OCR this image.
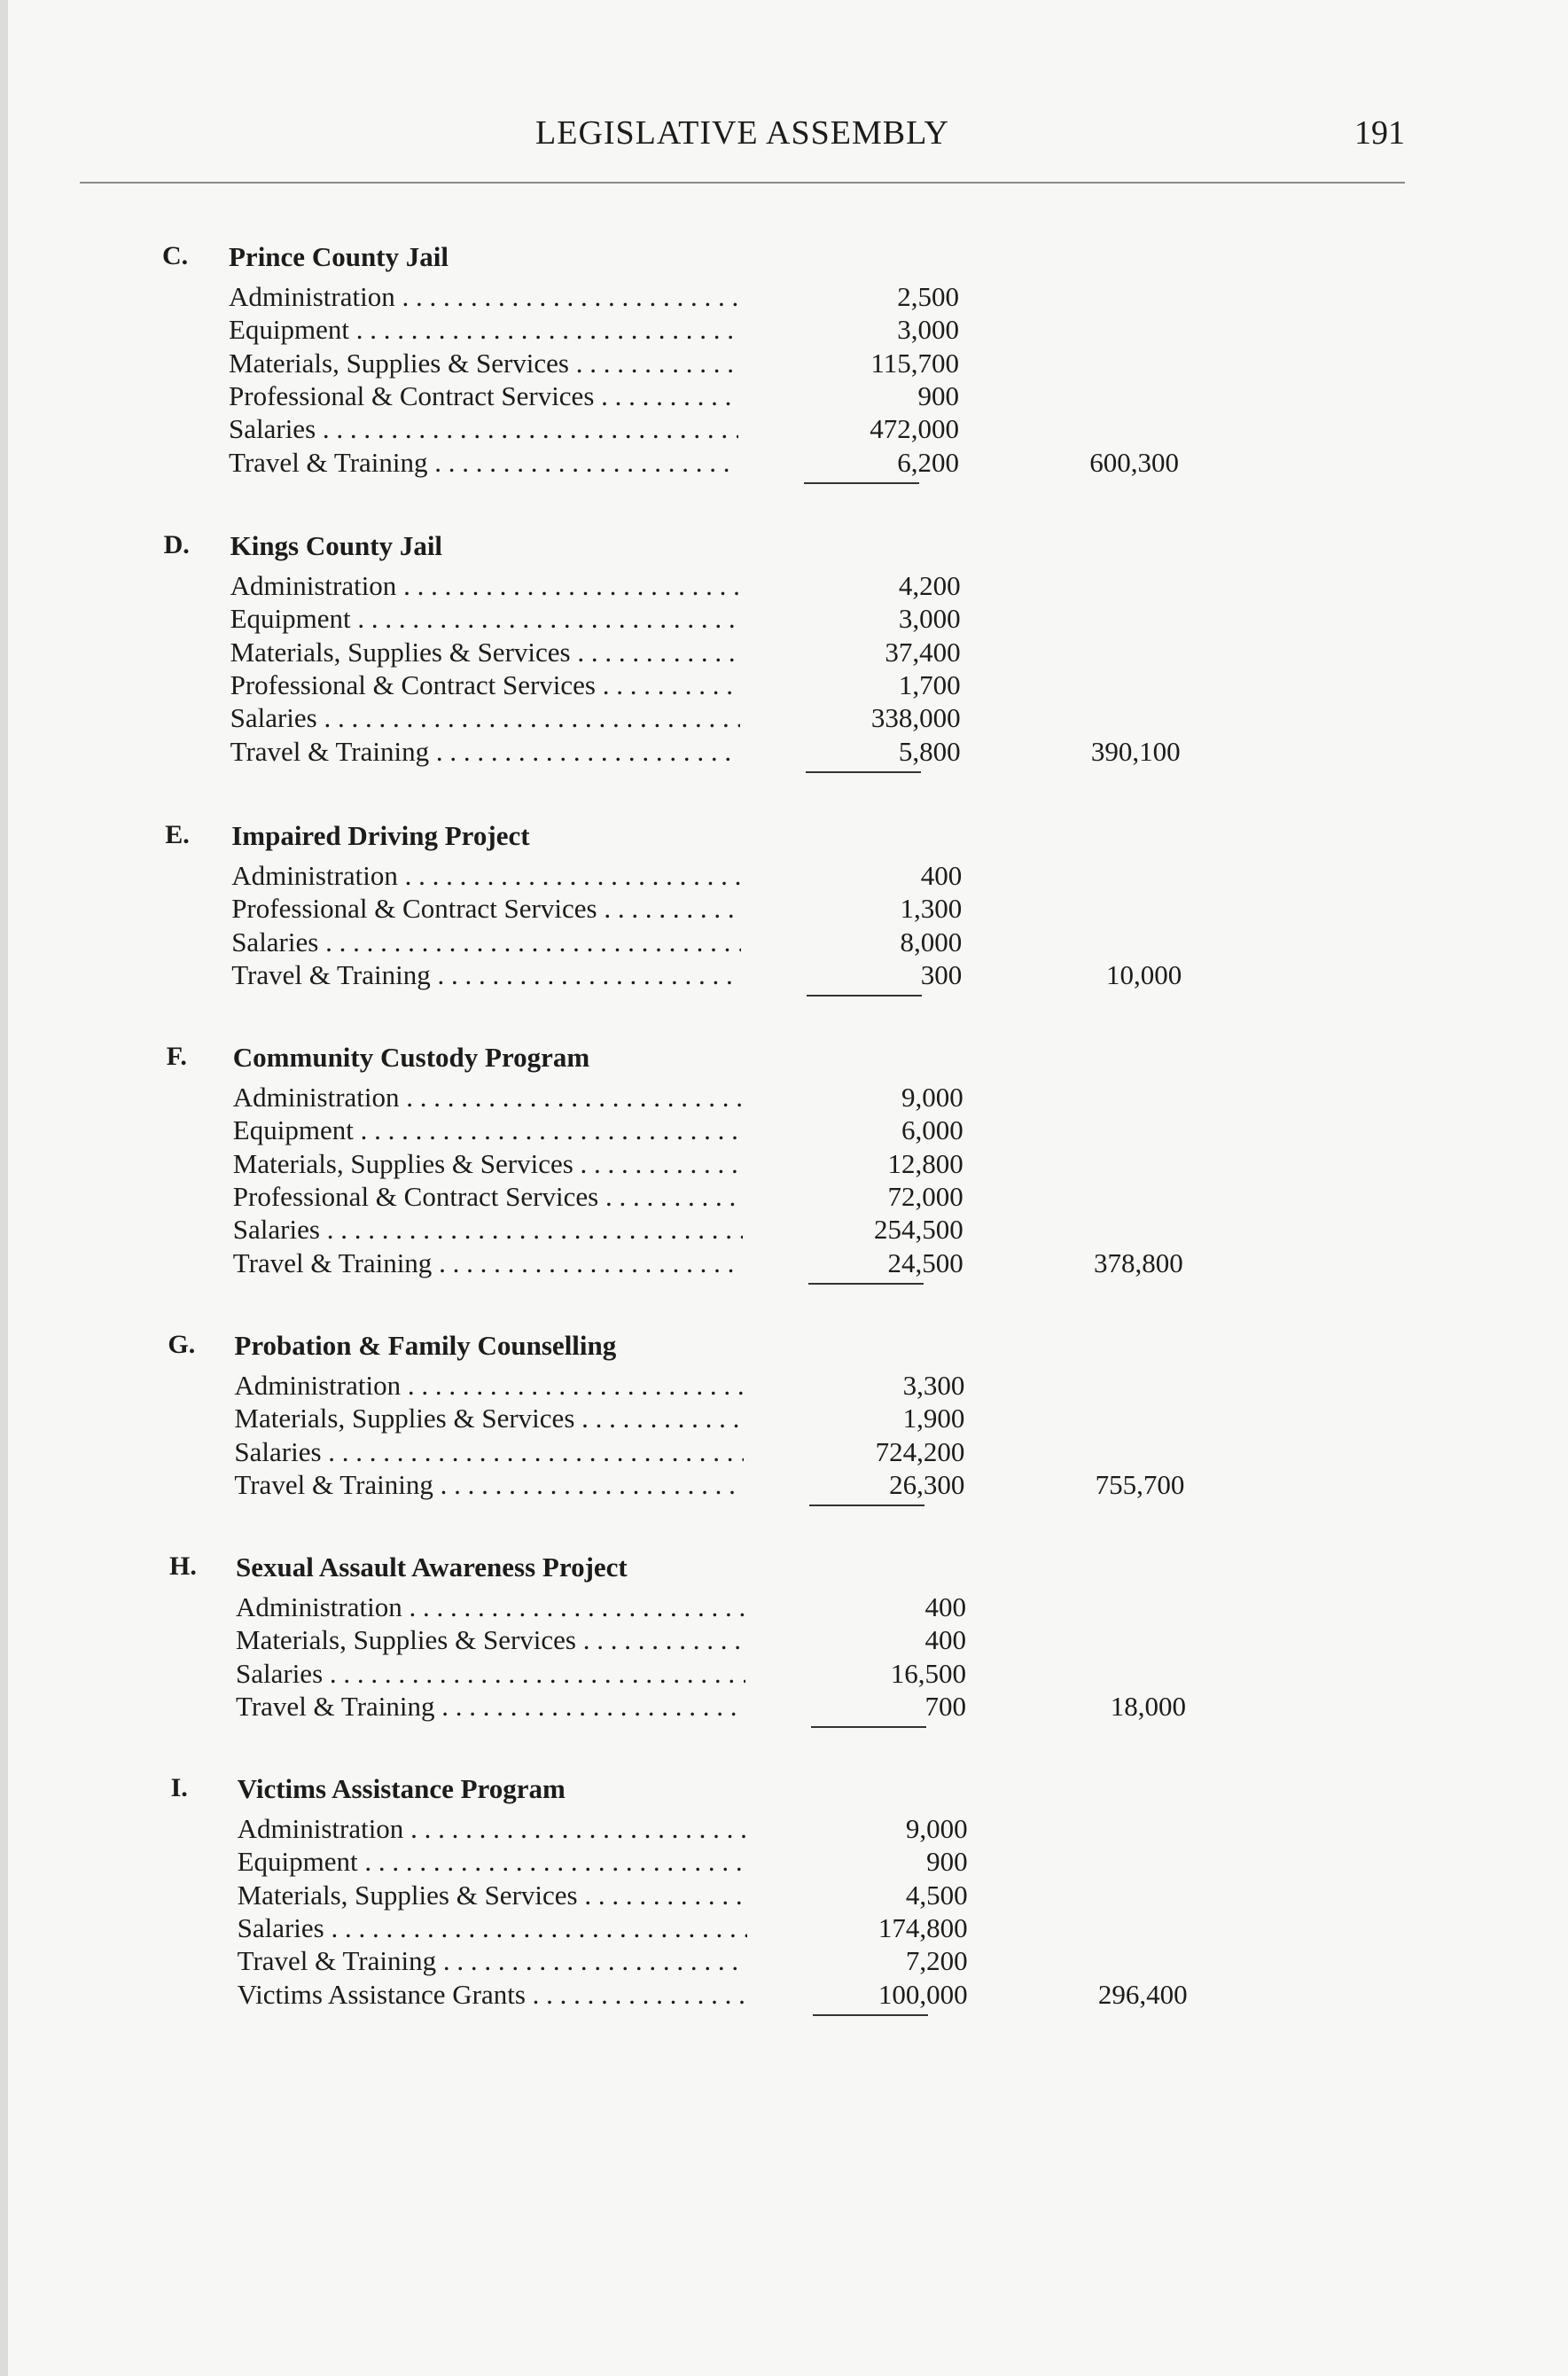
LEGISLATIVE ASSEMBLY	191
C.	Prince County Jail
Administration . . .	2,500
Equipment . . .	3,000
Materials, Supplies & Services . . .	115,700
Professional & Contract Services . . .	900
Salaries . . .	472,000
Travel & Training . . .	6,200	600,300
D.	Kings County Jail
Administration . . .	4,200
Equipment . . .	3,000
Materials, Supplies & Services . . .	37,400
Professional & Contract Services . . .	1,700
Salaries . . .	338,000
Travel & Training . . .	5,800	390,100
E.	Impaired Driving Project
Administration . . .	400
Professional & Contract Services . . .	1,300
Salaries . . .	8,000
Travel & Training . . .	300	10,000
F.	Community Custody Program
Administration . . .	9,000
Equipment . . .	6,000
Materials, Supplies & Services . . .	12,800
Professional & Contract Services . . .	72,000
Salaries . . .	254,500
Travel & Training . . .	24,500	378,800
G.	Probation & Family Counselling
Administration . . .	3,300
Materials, Supplies & Services . . .	1,900
Salaries . . .	724,200
Travel & Training . . .	26,300	755,700
H.	Sexual Assault Awareness Project
Administration . . .	400
Materials, Supplies & Services . . .	400
Salaries . . .	16,500
Travel & Training . . .	700	18,000
I.	Victims Assistance Program
Administration . . .	9,000
Equipment . . .	900
Materials, Supplies & Services . . .	4,500
Salaries . . .	174,800
Travel & Training . . .	7,200
Victims Assistance Grants . . .	100,000	296,400
